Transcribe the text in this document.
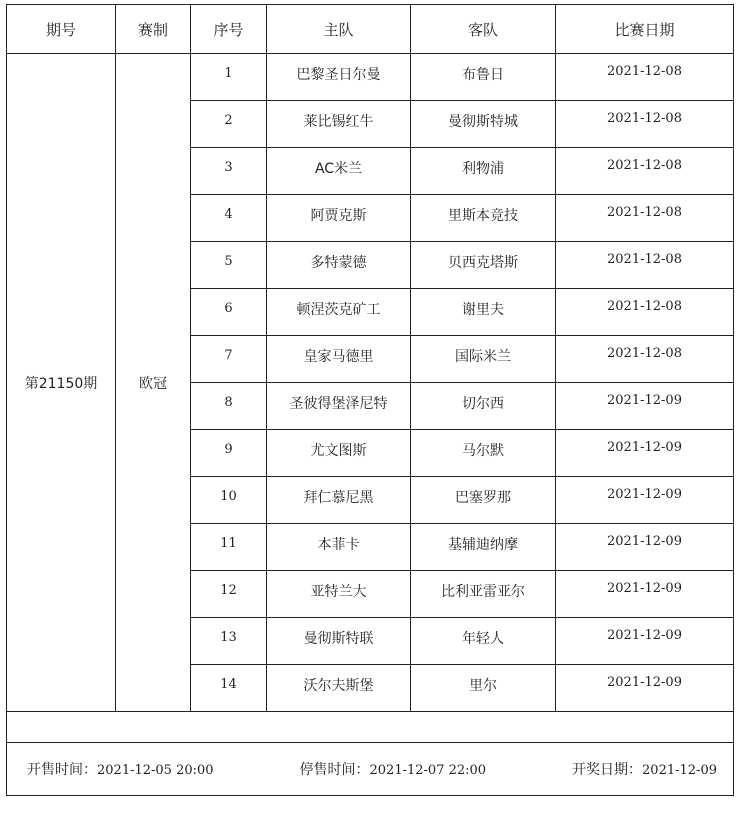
期号	赛制	序号	主队	客队	比赛日期
第21150期	欧冠	1	巴黎圣日尔曼	布鲁日	2021-12-08
		2	莱比锡红牛	曼彻斯特城	2021-12-08
		3	AC米兰	利物浦	2021-12-08
		4	阿贾克斯	里斯本竞技	2021-12-08
		5	多特蒙德	贝西克塔斯	2021-12-08
		6	顿涅茨克矿工	谢里夫	2021-12-08
		7	皇家马德里	国际米兰	2021-12-08
		8	圣彼得堡泽尼特	切尔西	2021-12-09
		9	尤文图斯	马尔默	2021-12-09
		10	拜仁慕尼黑	巴塞罗那	2021-12-09
		11	本菲卡	基辅迪纳摩	2021-12-09
		12	亚特兰大	比利亚雷亚尔	2021-12-09
		13	曼彻斯特联	年轻人	2021-12-09
		14	沃尔夫斯堡	里尔	2021-12-09

开售时间：2021-12-05 20:00 停售时间：2021-12-07 22:00 开奖日期：2021-12-09					
